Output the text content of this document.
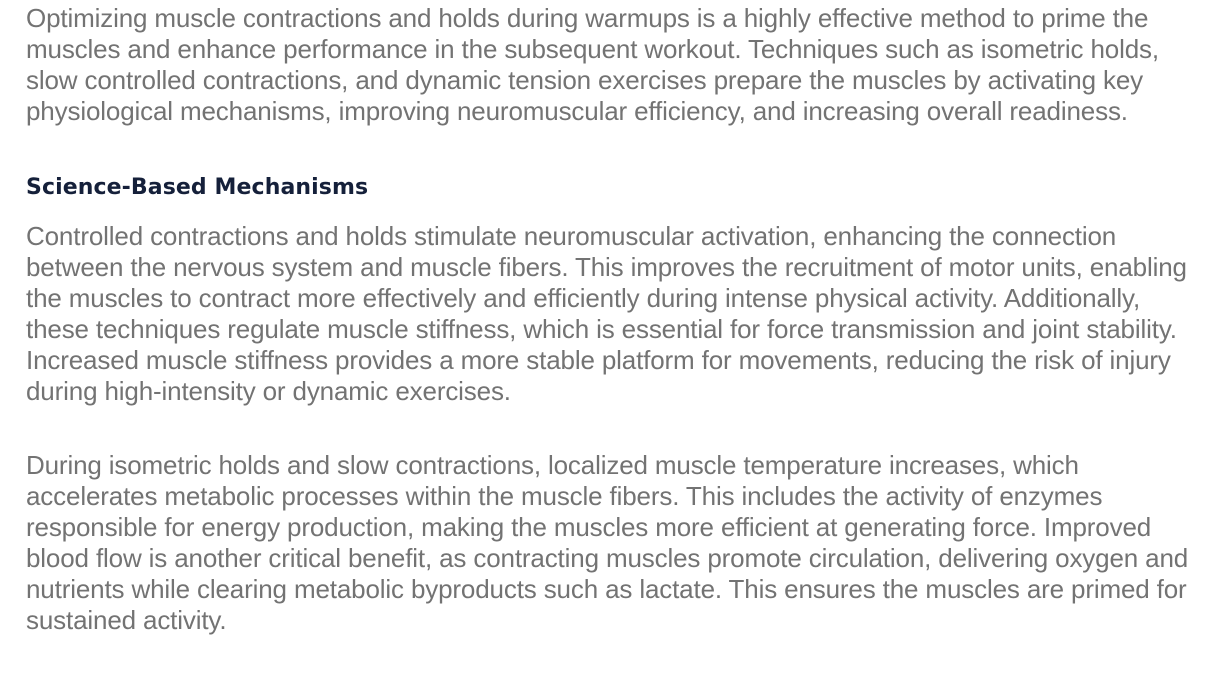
Optimizing muscle contractions and holds during warmups is a highly effective method to prime the muscles and enhance performance in the subsequent workout. Techniques such as isometric holds, slow controlled contractions, and dynamic tension exercises prepare the muscles by activating key physiological mechanisms, improving neuromuscular efficiency, and increasing overall readiness.

Science-Based Mechanisms

Controlled contractions and holds stimulate neuromuscular activation, enhancing the connection between the nervous system and muscle fibers. This improves the recruitment of motor units, enabling the muscles to contract more effectively and efficiently during intense physical activity. Additionally, these techniques regulate muscle stiffness, which is essential for force transmission and joint stability. Increased muscle stiffness provides a more stable platform for movements, reducing the risk of injury during high-intensity or dynamic exercises.

During isometric holds and slow contractions, localized muscle temperature increases, which accelerates metabolic processes within the muscle fibers. This includes the activity of enzymes responsible for energy production, making the muscles more efficient at generating force. Improved blood flow is another critical benefit, as contracting muscles promote circulation, delivering oxygen and nutrients while clearing metabolic byproducts such as lactate. This ensures the muscles are primed for sustained activity.
